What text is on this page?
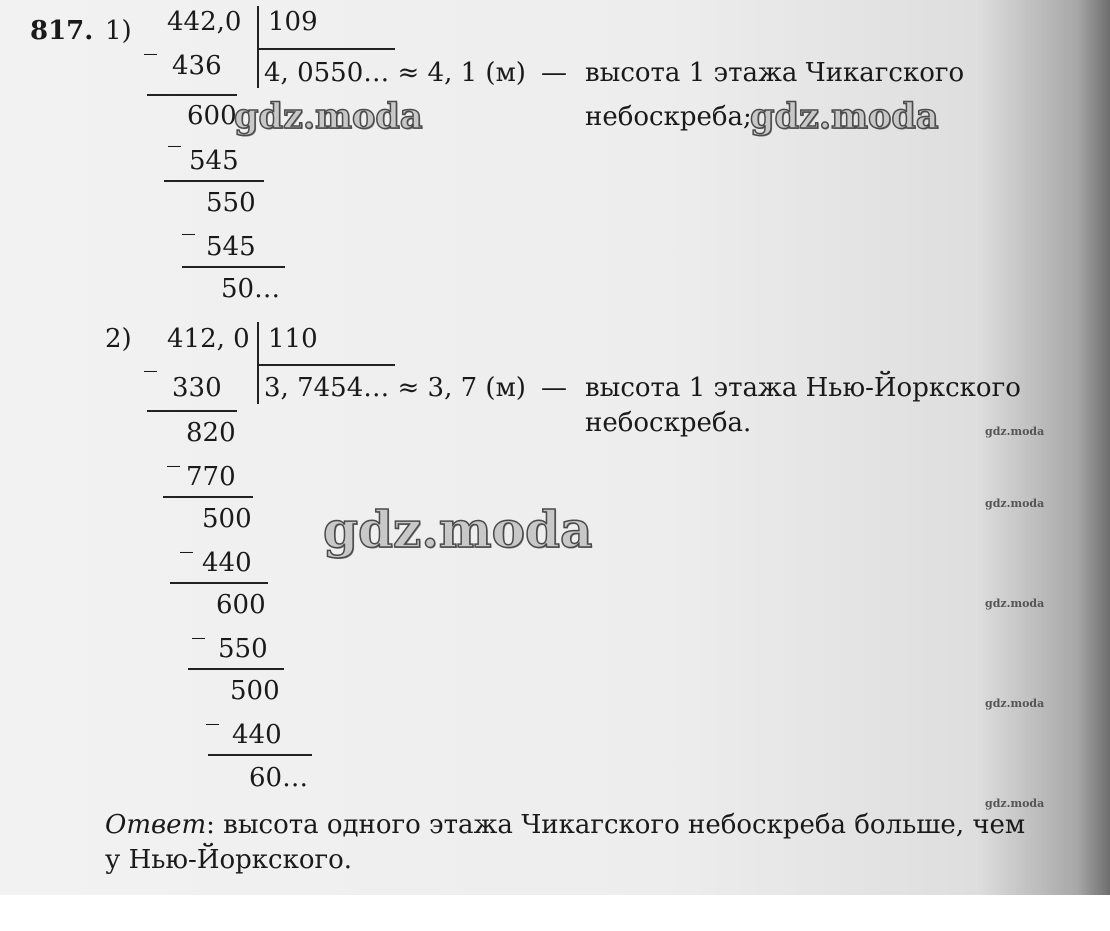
817. 1) _
442,0 109
4, 0550… ≈ 4, 1 (м) — высота 1 этажа Чикагского
небоскреба;
436
_
600
545
_
550
545
50…
2)
_
412, 0 110
3, 7454… ≈ 3, 7 (м) — высота 1 этажа Нью-Йоркского
небоскреба.
330
_
820
770
_
500
440
_
600
550
_
500
440
60…
Ответ: высота одного этажа Чикагского небоскреба больше, чем
у Нью-Йоркского.
gdz.moda	gdz.moda
gdz.moda
gdz.moda
gdz.moda
gdz.moda
gdz.moda
gdz.moda
